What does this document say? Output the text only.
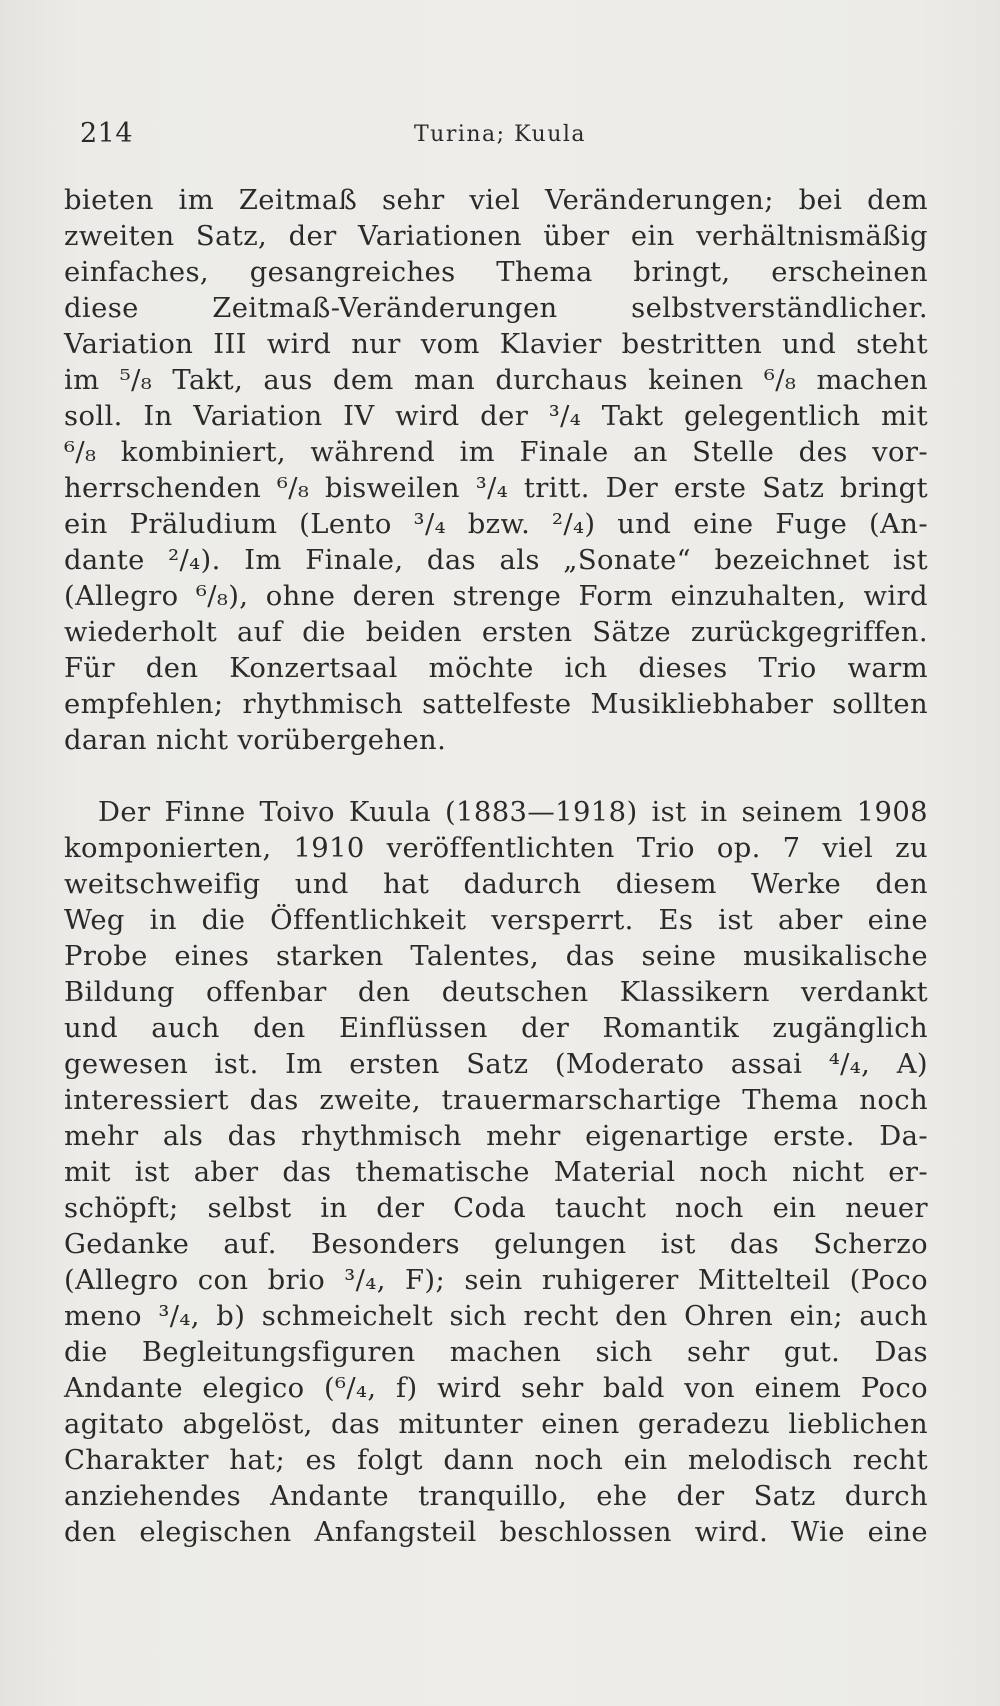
214	Turina; Kuula
bieten im Zeitmaß sehr viel Veränderungen; bei dem
zweiten Satz, der Variationen über ein verhältnismäßig
einfaches, gesangreiches Thema bringt, erscheinen
diese Zeitmaß-Veränderungen selbstverständlicher.
Variation III wird nur vom Klavier bestritten und steht
im ⁵/₈ Takt, aus dem man durchaus keinen ⁶/₈ machen
soll. In Variation IV wird der ³/₄ Takt gelegentlich mit
⁶/₈ kombiniert, während im Finale an Stelle des vor-
herrschenden ⁶/₈ bisweilen ³/₄ tritt. Der erste Satz bringt
ein Präludium (Lento ³/₄ bzw. ²/₄) und eine Fuge (An-
dante ²/₄). Im Finale, das als „Sonate“ bezeichnet ist
(Allegro ⁶/₈), ohne deren strenge Form einzuhalten, wird
wiederholt auf die beiden ersten Sätze zurückgegriffen.
Für den Konzertsaal möchte ich dieses Trio warm
empfehlen; rhythmisch sattelfeste Musikliebhaber sollten
daran nicht vorübergehen.
Der Finne Toivo Kuula (1883—1918) ist in seinem 1908
komponierten, 1910 veröffentlichten Trio op. 7 viel zu
weitschweifig und hat dadurch diesem Werke den
Weg in die Öffentlichkeit versperrt. Es ist aber eine
Probe eines starken Talentes, das seine musikalische
Bildung offenbar den deutschen Klassikern verdankt
und auch den Einflüssen der Romantik zugänglich
gewesen ist. Im ersten Satz (Moderato assai ⁴/₄, A)
interessiert das zweite, trauermarschartige Thema noch
mehr als das rhythmisch mehr eigenartige erste. Da-
mit ist aber das thematische Material noch nicht er-
schöpft; selbst in der Coda taucht noch ein neuer
Gedanke auf. Besonders gelungen ist das Scherzo
(Allegro con brio ³/₄, F); sein ruhigerer Mittelteil (Poco
meno ³/₄, b) schmeichelt sich recht den Ohren ein; auch
die Begleitungsfiguren machen sich sehr gut. Das
Andante elegico (⁶/₄, f) wird sehr bald von einem Poco
agitato abgelöst, das mitunter einen geradezu lieblichen
Charakter hat; es folgt dann noch ein melodisch recht
anziehendes Andante tranquillo, ehe der Satz durch
den elegischen Anfangsteil beschlossen wird. Wie eine
